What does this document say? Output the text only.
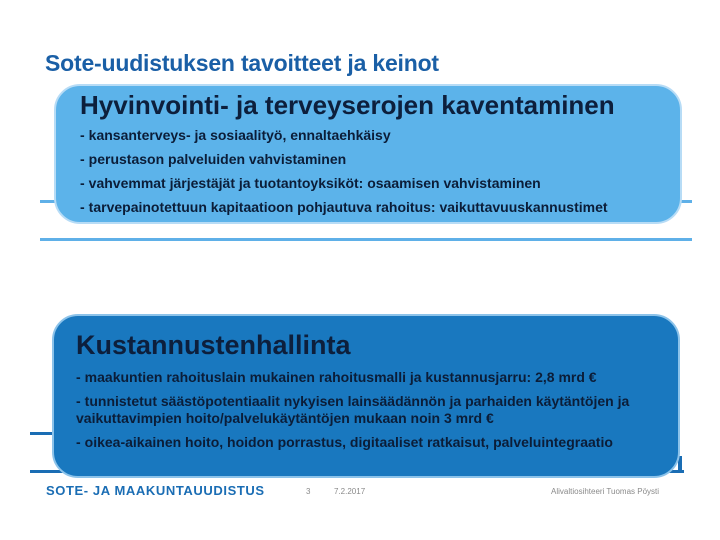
Sote-uudistuksen tavoitteet ja keinot
Hyvinvointi- ja terveyserojen kaventaminen
- kansanterveys- ja sosiaalityö, ennaltaehkäisy
- perustason palveluiden vahvistaminen
- vahvemmat järjestäjät ja tuotantoyksiköt: osaamisen vahvistaminen
- tarvepainotettuun kapitaatioon pohjautuva rahoitus: vaikuttavuuskannustimet
Kustannustenhallinta
- maakuntien rahoituslain mukainen rahoitusmalli ja kustannusjarru: 2,8 mrd €
- tunnistetut säästöpotentiaalit nykyisen lainsäädännön ja parhaiden käytäntöjen ja vaikuttavimpien hoito/palvelukäytäntöjen mukaan noin 3 mrd €
- oikea-aikainen hoito, hoidon porrastus, digitaaliset ratkaisut, palveluintegraatio
SOTE- JA MAAKUNTAUUDISTUS	3	7.2.2017	Alivaltiosihteeri Tuomas Pöysti
